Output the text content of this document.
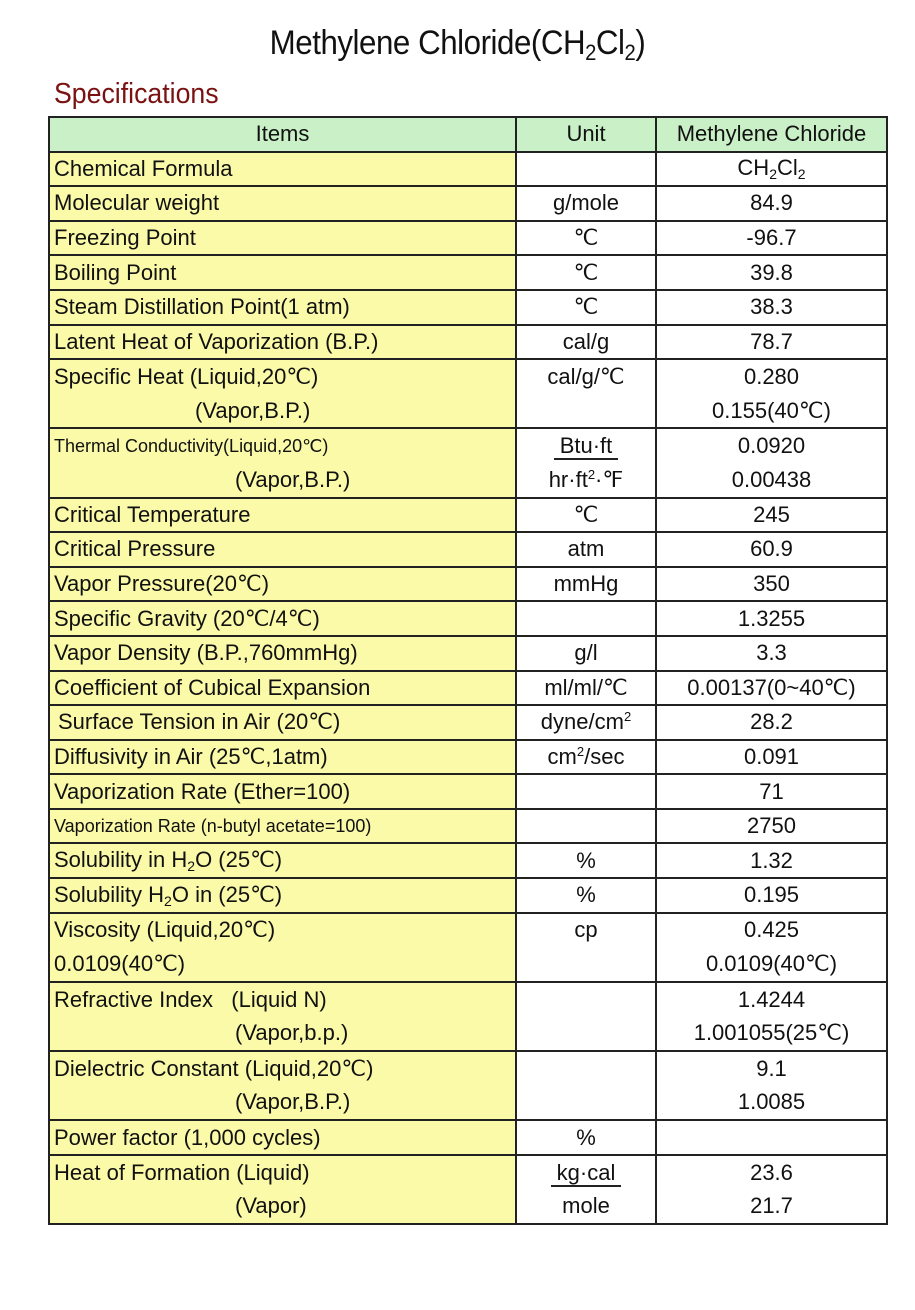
Methylene $Chloride(CH_2Cl_2)$
Specifications
Items	Unit	Methylene Chloride
Chemical Formula		$CH_2Cl_2$
Molecular weight	g/mole	84.9
Freezing Point	℃	-96.7
Boiling Point	℃	39.8
Steam Distillation Point(1 atm)	℃	38.3
Latent Heat of Vaporization (B.P.)	cal/g	78.7
Specific Heat (Liquid,20℃)	cal/g/℃	0.280
(Vapor,B.P.)		0.155(40℃)
Thermal Conductivity(Liquid,20℃)	Btu·ft	0.0920
(Vapor,B.P.)	$hr\cdot ft^2\cdot℉$	0.00438
Critical Temperature	℃	245
Critical Pressure	atm	60.9
Vapor Pressure(20℃)	mmHg	350
Specific Gravity (20℃/4℃)		1.3255
Vapor Density (B.P.,760mmHg)	g/l	3.3
Coefficient of Cubical Expansion	ml/ml/℃	0.00137(0~40℃)
Surface Tension in Air (20℃)	dyne/$cm^2$	28.2
Diffusivity in Air (25℃,1atm)	$cm^2/\sec$	0.091
Vaporization Rate (Ether=100)		71
Vaporization Rate (n-butyl acetate=100)		2750
Solubility in $H_2O$ (25℃)	%	1.32
Solubility $H_2O$ in (25℃)	%	0.195
Viscosity (Liquid,20℃)	cp	0.425
0.0109(40℃)		0.0109(40℃)
Refractive Index   (Liquid N)		1.4244
(Vapor,b.p.)		1.001055(25℃)
Dielectric Constant (Liquid,20℃)		9.1
(Vapor,B.P.)		1.0085
Power factor (1,000 cycles)	%	
Heat of Formation (Liquid)	kg·cal	23.6
(Vapor)	mole	21.7
